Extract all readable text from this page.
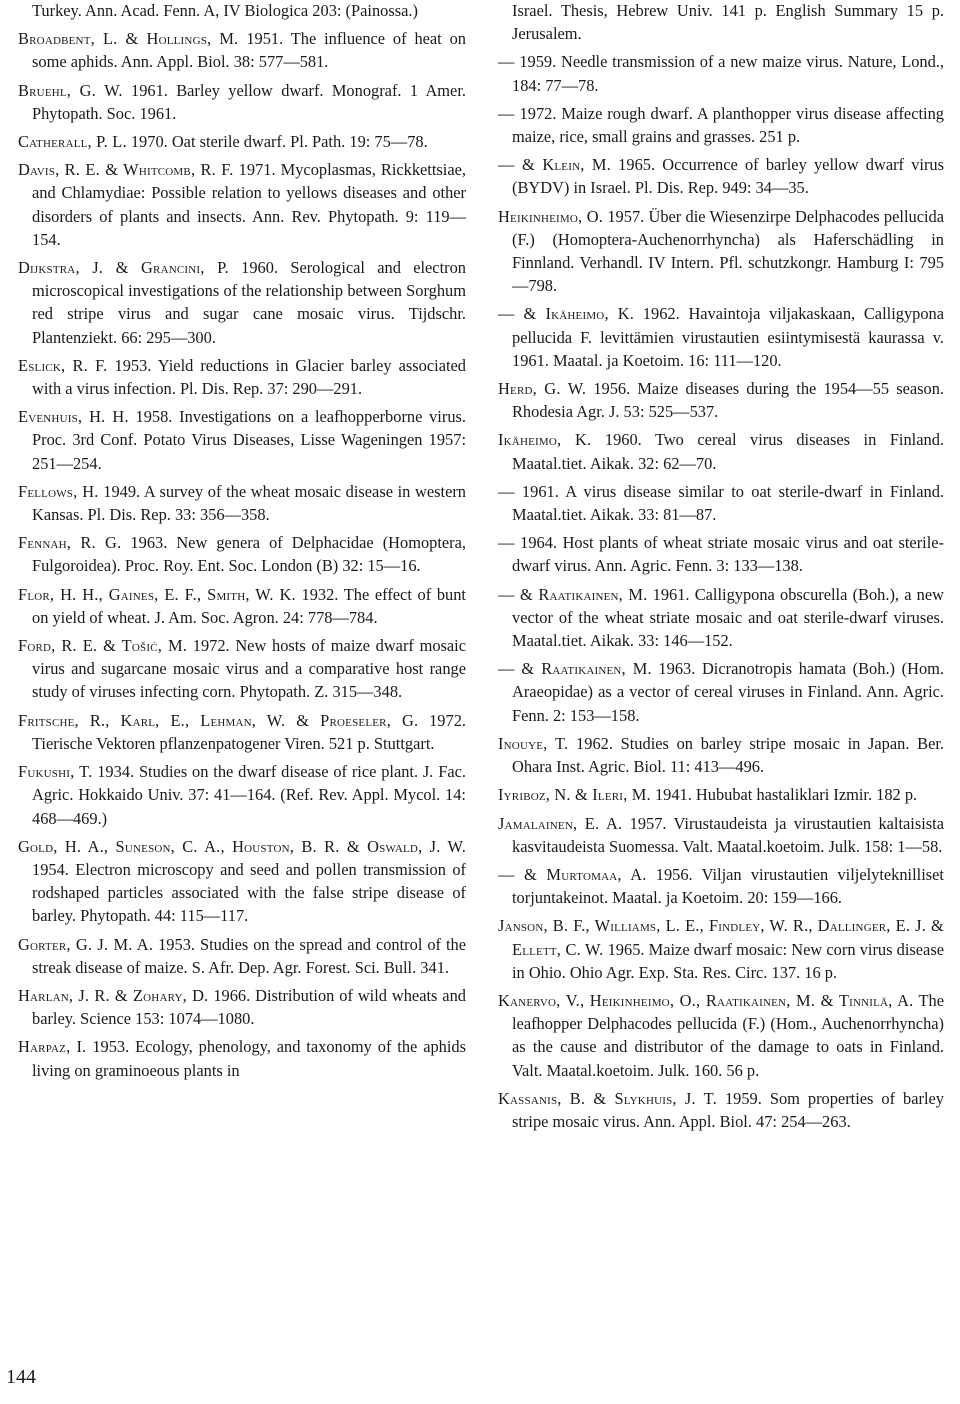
Turkey. Ann. Acad. Fenn. A, IV Biologica 203: (Painossa.)

Broadbent, L. & Hollings, M. 1951. The influence of heat on some aphids. Ann. Appl. Biol. 38: 577—581.

Bruehl, G. W. 1961. Barley yellow dwarf. Monograf. 1 Amer. Phytopath. Soc. 1961.

Catherall, P. L. 1970. Oat sterile dwarf. Pl. Path. 19: 75—78.

Davis, R. E. & Whitcomb, R. F. 1971. Mycoplasmas, Rickkettsiae, and Chlamydiae: Possible relation to yellows diseases and other disorders of plants and insects. Ann. Rev. Phytopath. 9: 119—154.

Dijkstra, J. & Grancini, P. 1960. Serological and electron microscopical investigations of the relationship between Sorghum red stripe virus and sugar cane mosaic virus. Tijdschr. Plantenziekt. 66: 295—300.

Eslick, R. F. 1953. Yield reductions in Glacier barley associated with a virus infection. Pl. Dis. Rep. 37: 290—291.

Evenhuis, H. H. 1958. Investigations on a leafhopperborne virus. Proc. 3rd Conf. Potato Virus Diseases, Lisse Wageningen 1957: 251—254.

Fellows, H. 1949. A survey of the wheat mosaic disease in western Kansas. Pl. Dis. Rep. 33: 356—358.

Fennah, R. G. 1963. New genera of Delphacidae (Homoptera, Fulgoroidea). Proc. Roy. Ent. Soc. London (B) 32: 15—16.

Flor, H. H., Gaines, E. F., Smith, W. K. 1932. The effect of bunt on yield of wheat. J. Am. Soc. Agron. 24: 778—784.

Ford, R. E. & Tošić, M. 1972. New hosts of maize dwarf mosaic virus and sugarcane mosaic virus and a comparative host range study of viruses infecting corn. Phytopath. Z. 315—348.

Fritsche, R., Karl, E., Lehman, W. & Proeseler, G. 1972. Tierische Vektoren pflanzenpatogener Viren. 521 p. Stuttgart.

Fukushi, T. 1934. Studies on the dwarf disease of rice plant. J. Fac. Agric. Hokkaido Univ. 37: 41—164. (Ref. Rev. Appl. Mycol. 14: 468—469.)

Gold, H. A., Suneson, C. A., Houston, B. R. & Oswald, J. W. 1954. Electron microscopy and seed and pollen transmission of rodshaped particles associated with the false stripe disease of barley. Phytopath. 44: 115—117.

Gorter, G. J. M. A. 1953. Studies on the spread and control of the streak disease of maize. S. Afr. Dep. Agr. Forest. Sci. Bull. 341.

Harlan, J. R. & Zohary, D. 1966. Distribution of wild wheats and barley. Science 153: 1074—1080.

Harpaz, I. 1953. Ecology, phenology, and taxonomy of the aphids living on graminoeous plants in

Israel. Thesis, Hebrew Univ. 141 p. English Summary 15 p. Jerusalem.

— 1959. Needle transmission of a new maize virus. Nature, Lond., 184: 77—78.

— 1972. Maize rough dwarf. A planthopper virus disease affecting maize, rice, small grains and grasses. 251 p.

— & Klein, M. 1965. Occurrence of barley yellow dwarf virus (BYDV) in Israel. Pl. Dis. Rep. 949: 34—35.

Heikinheimo, O. 1957. Über die Wiesenzirpe Delphacodes pellucida (F.) (Homoptera-Auchenorrhyncha) als Haferschädling in Finnland. Verhandl. IV Intern. Pfl. schutzkongr. Hamburg I: 795—798.

— & Ikäheimo, K. 1962. Havaintoja viljakaskaan, Calligypona pellucida F. levittämien virustautien esiintymisestä kaurassa v. 1961. Maatal. ja Koetoim. 16: 111—120.

Herd, G. W. 1956. Maize diseases during the 1954—55 season. Rhodesia Agr. J. 53: 525—537.

Ikäheimo, K. 1960. Two cereal virus diseases in Finland. Maatal.tiet. Aikak. 32: 62—70.

— 1961. A virus disease similar to oat sterile-dwarf in Finland. Maatal.tiet. Aikak. 33: 81—87.

— 1964. Host plants of wheat striate mosaic virus and oat sterile-dwarf virus. Ann. Agric. Fenn. 3: 133—138.

— & Raatikainen, M. 1961. Calligypona obscurella (Boh.), a new vector of the wheat striate mosaic and oat sterile-dwarf viruses. Maatal.tiet. Aikak. 33: 146—152.

— & Raatikainen, M. 1963. Dicranotropis hamata (Boh.) (Hom. Araeopidae) as a vector of cereal viruses in Finland. Ann. Agric. Fenn. 2: 153—158.

Inouye, T. 1962. Studies on barley stripe mosaic in Japan. Ber. Ohara Inst. Agric. Biol. 11: 413—496.

Iyriboz, N. & Ileri, M. 1941. Hububat hastaliklari Izmir. 182 p.

Jamalainen, E. A. 1957. Virustaudeista ja virustautien kaltaisista kasvitaudeista Suomessa. Valt. Maatal.koetoim. Julk. 158: 1—58.

— & Murtomaa, A. 1956. Viljan virustautien viljelyteknilliset torjuntakeinot. Maatal. ja Koetoim. 20: 159—166.

Janson, B. F., Williams, L. E., Findley, W. R., Dallinger, E. J. & Ellett, C. W. 1965. Maize dwarf mosaic: New corn virus disease in Ohio. Ohio Agr. Exp. Sta. Res. Circ. 137. 16 p.

Kanervo, V., Heikinheimo, O., Raatikainen, M. & Tinnilä, A. The leafhopper Delphacodes pellucida (F.) (Hom., Auchenorrhyncha) as the cause and distributor of the damage to oats in Finland. Valt. Maatal.koetoim. Julk. 160. 56 p.

Kassanis, B. & Slykhuis, J. T. 1959. Som properties of barley stripe mosaic virus. Ann. Appl. Biol. 47: 254—263.

144
